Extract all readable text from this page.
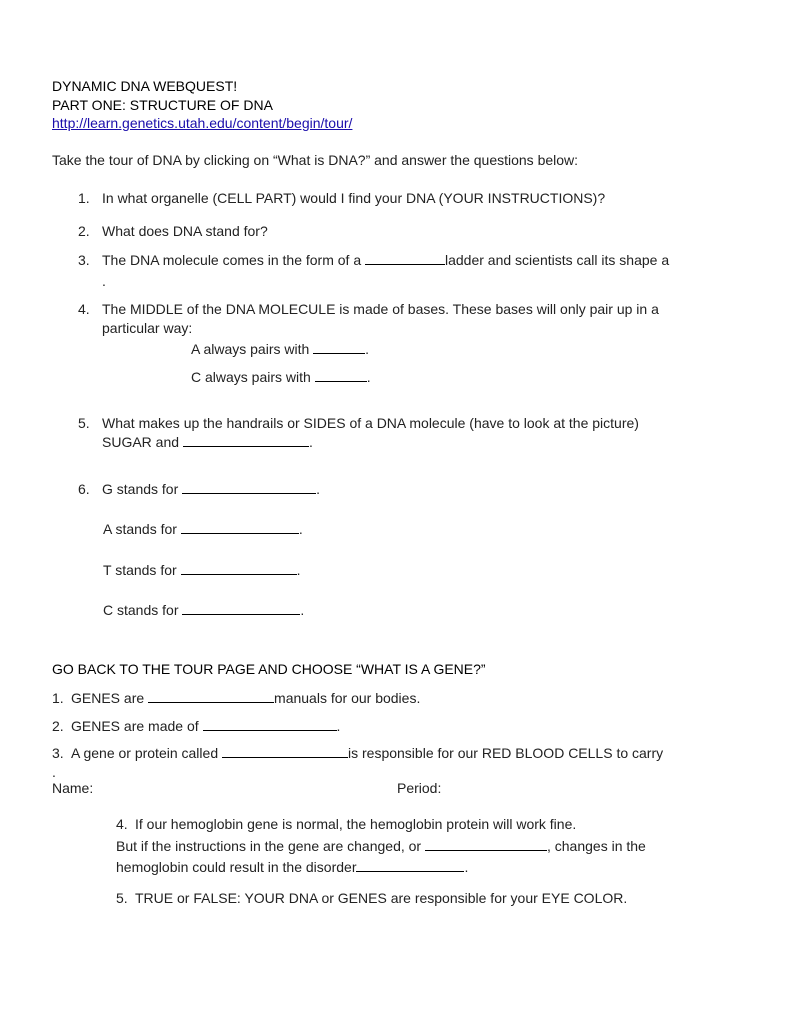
DYNAMIC DNA WEBQUEST!
PART ONE: STRUCTURE OF DNA
http://learn.genetics.utah.edu/content/begin/tour/
Take the tour of DNA by clicking on “What is DNA?” and answer the questions below:
1. In what organelle (CELL PART) would I find your DNA (YOUR INSTRUCTIONS)?
2. What does DNA stand for?
3. The DNA molecule comes in the form of a	ladder and scientists call its shape a
.
4. The MIDDLE of the DNA MOLECULE is made of bases. These bases will only pair up in a
particular way:
A always pairs with	.
C always pairs with	.
5. What makes up the handrails or SIDES of a DNA molecule (have to look at the picture)
SUGAR and	.
6. G stands for	.
A stands for	.
T stands for	.
C stands for	.
GO BACK TO THE TOUR PAGE AND CHOOSE “WHAT IS A GENE?”
1. GENES are	manuals for our bodies.
2. GENES are made of	.
3. A gene or protein called	is responsible for our RED BLOOD CELLS to carry
.
Name:	Period:
4. If our hemoglobin gene is normal, the hemoglobin protein will work fine.
But if the instructions in the gene are changed, or	, changes in the
hemoglobin could result in the disorder	.
5. TRUE or FALSE: YOUR DNA or GENES are responsible for your EYE COLOR.
